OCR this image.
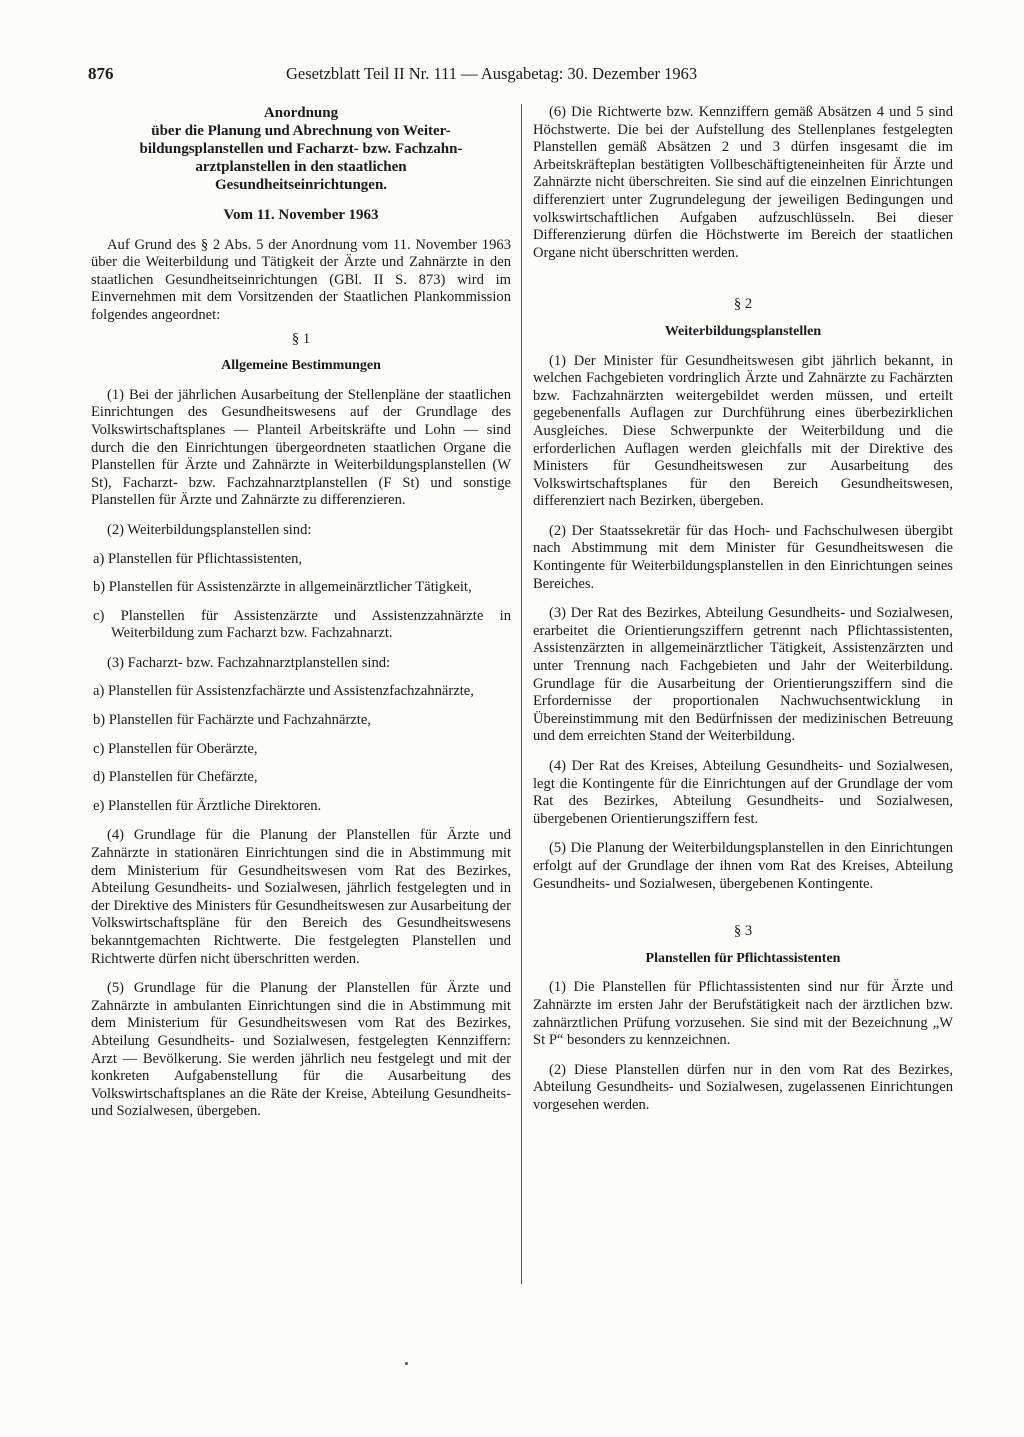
876	Gesetzblatt Teil II Nr. 111 — Ausgabetag: 30. Dezember 1963

Anordnung

über die Planung und Abrechnung von Weiter-

bildungsplanstellen und Facharzt- bzw. Fachzahn-

arztplanstellen in den staatlichen

Gesundheitseinrichtungen.

Vom 11. November 1963

Auf Grund des § 2 Abs. 5 der Anordnung vom 11. November 1963 über die Weiterbildung und Tätigkeit der Ärzte und Zahnärzte in den staatlichen Gesundheitseinrichtungen (GBl. II S. 873) wird im Einvernehmen mit dem Vorsitzenden der Staatlichen Plankommission folgendes angeordnet:

§ 1

Allgemeine Bestimmungen

(1) Bei der jährlichen Ausarbeitung der Stellenpläne der staatlichen Einrichtungen des Gesundheitswesens auf der Grundlage des Volkswirtschaftsplanes — Planteil Arbeitskräfte und Lohn — sind durch die den Einrichtungen übergeordneten staatlichen Organe die Planstellen für Ärzte und Zahnärzte in Weiterbildungsplanstellen (W St), Facharzt- bzw. Fachzahnarztplanstellen (F St) und sonstige Planstellen für Ärzte und Zahnärzte zu differenzieren.

(2) Weiterbildungsplanstellen sind:

a) Planstellen für Pflichtassistenten,

b) Planstellen für Assistenzärzte in allgemeinärztlicher Tätigkeit,

c) Planstellen für Assistenzärzte und Assistenzzahnärzte in Weiterbildung zum Facharzt bzw. Fachzahnarzt.

(3) Facharzt- bzw. Fachzahnarztplanstellen sind:

a) Planstellen für Assistenzfachärzte und Assistenzfachzahnärzte,

b) Planstellen für Fachärzte und Fachzahnärzte,

c) Planstellen für Oberärzte,

d) Planstellen für Chefärzte,

e) Planstellen für Ärztliche Direktoren.

(4) Grundlage für die Planung der Planstellen für Ärzte und Zahnärzte in stationären Einrichtungen sind die in Abstimmung mit dem Ministerium für Gesundheitswesen vom Rat des Bezirkes, Abteilung Gesundheits- und Sozialwesen, jährlich festgelegten und in der Direktive des Ministers für Gesundheitswesen zur Ausarbeitung der Volkswirtschaftspläne für den Bereich des Gesundheitswesens bekanntgemachten Richtwerte. Die festgelegten Planstellen und Richtwerte dürfen nicht überschritten werden.

(5) Grundlage für die Planung der Planstellen für Ärzte und Zahnärzte in ambulanten Einrichtungen sind die in Abstimmung mit dem Ministerium für Gesundheitswesen vom Rat des Bezirkes, Abteilung Gesundheits- und Sozialwesen, festgelegten Kennziffern: Arzt — Bevölkerung. Sie werden jährlich neu festgelegt und mit der konkreten Aufgabenstellung für die Ausarbeitung des Volkswirtschaftsplanes an die Räte der Kreise, Abteilung Gesundheits- und Sozialwesen, übergeben.

(6) Die Richtwerte bzw. Kennziffern gemäß Absätzen 4 und 5 sind Höchstwerte. Die bei der Aufstellung des Stellenplanes festgelegten Planstellen gemäß Absätzen 2 und 3 dürfen insgesamt die im Arbeitskräfteplan bestätigten Vollbeschäftigteneinheiten für Ärzte und Zahnärzte nicht überschreiten. Sie sind auf die einzelnen Einrichtungen differenziert unter Zugrundelegung der jeweiligen Bedingungen und volkswirtschaftlichen Aufgaben aufzuschlüsseln. Bei dieser Differenzierung dürfen die Höchstwerte im Bereich der staatlichen Organe nicht überschritten werden.

§ 2

Weiterbildungsplanstellen

(1) Der Minister für Gesundheitswesen gibt jährlich bekannt, in welchen Fachgebieten vordringlich Ärzte und Zahnärzte zu Fachärzten bzw. Fachzahnärzten weitergebildet werden müssen, und erteilt gegebenenfalls Auflagen zur Durchführung eines überbezirklichen Ausgleiches. Diese Schwerpunkte der Weiterbildung und die erforderlichen Auflagen werden gleichfalls mit der Direktive des Ministers für Gesundheitswesen zur Ausarbeitung des Volkswirtschaftsplanes für den Bereich Gesundheitswesen, differenziert nach Bezirken, übergeben.

(2) Der Staatssekretär für das Hoch- und Fachschulwesen übergibt nach Abstimmung mit dem Minister für Gesundheitswesen die Kontingente für Weiterbildungsplanstellen in den Einrichtungen seines Bereiches.

(3) Der Rat des Bezirkes, Abteilung Gesundheits- und Sozialwesen, erarbeitet die Orientierungsziffern getrennt nach Pflichtassistenten, Assistenzärzten in allgemeinärztlicher Tätigkeit, Assistenzärzten und unter Trennung nach Fachgebieten und Jahr der Weiterbildung. Grundlage für die Ausarbeitung der Orientierungsziffern sind die Erfordernisse der proportionalen Nachwuchsentwicklung in Übereinstimmung mit den Bedürfnissen der medizinischen Betreuung und dem erreichten Stand der Weiterbildung.

(4) Der Rat des Kreises, Abteilung Gesundheits- und Sozialwesen, legt die Kontingente für die Einrichtungen auf der Grundlage der vom Rat des Bezirkes, Abteilung Gesundheits- und Sozialwesen, übergebenen Orientierungsziffern fest.

(5) Die Planung der Weiterbildungsplanstellen in den Einrichtungen erfolgt auf der Grundlage der ihnen vom Rat des Kreises, Abteilung Gesundheits- und Sozialwesen, übergebenen Kontingente.

§ 3

Planstellen für Pflichtassistenten

(1) Die Planstellen für Pflichtassistenten sind nur für Ärzte und Zahnärzte im ersten Jahr der Berufstätigkeit nach der ärztlichen bzw. zahnärztlichen Prüfung vorzusehen. Sie sind mit der Bezeichnung „W St P“ besonders zu kennzeichnen.

(2) Diese Planstellen dürfen nur in den vom Rat des Bezirkes, Abteilung Gesundheits- und Sozialwesen, zugelassenen Einrichtungen vorgesehen werden.
